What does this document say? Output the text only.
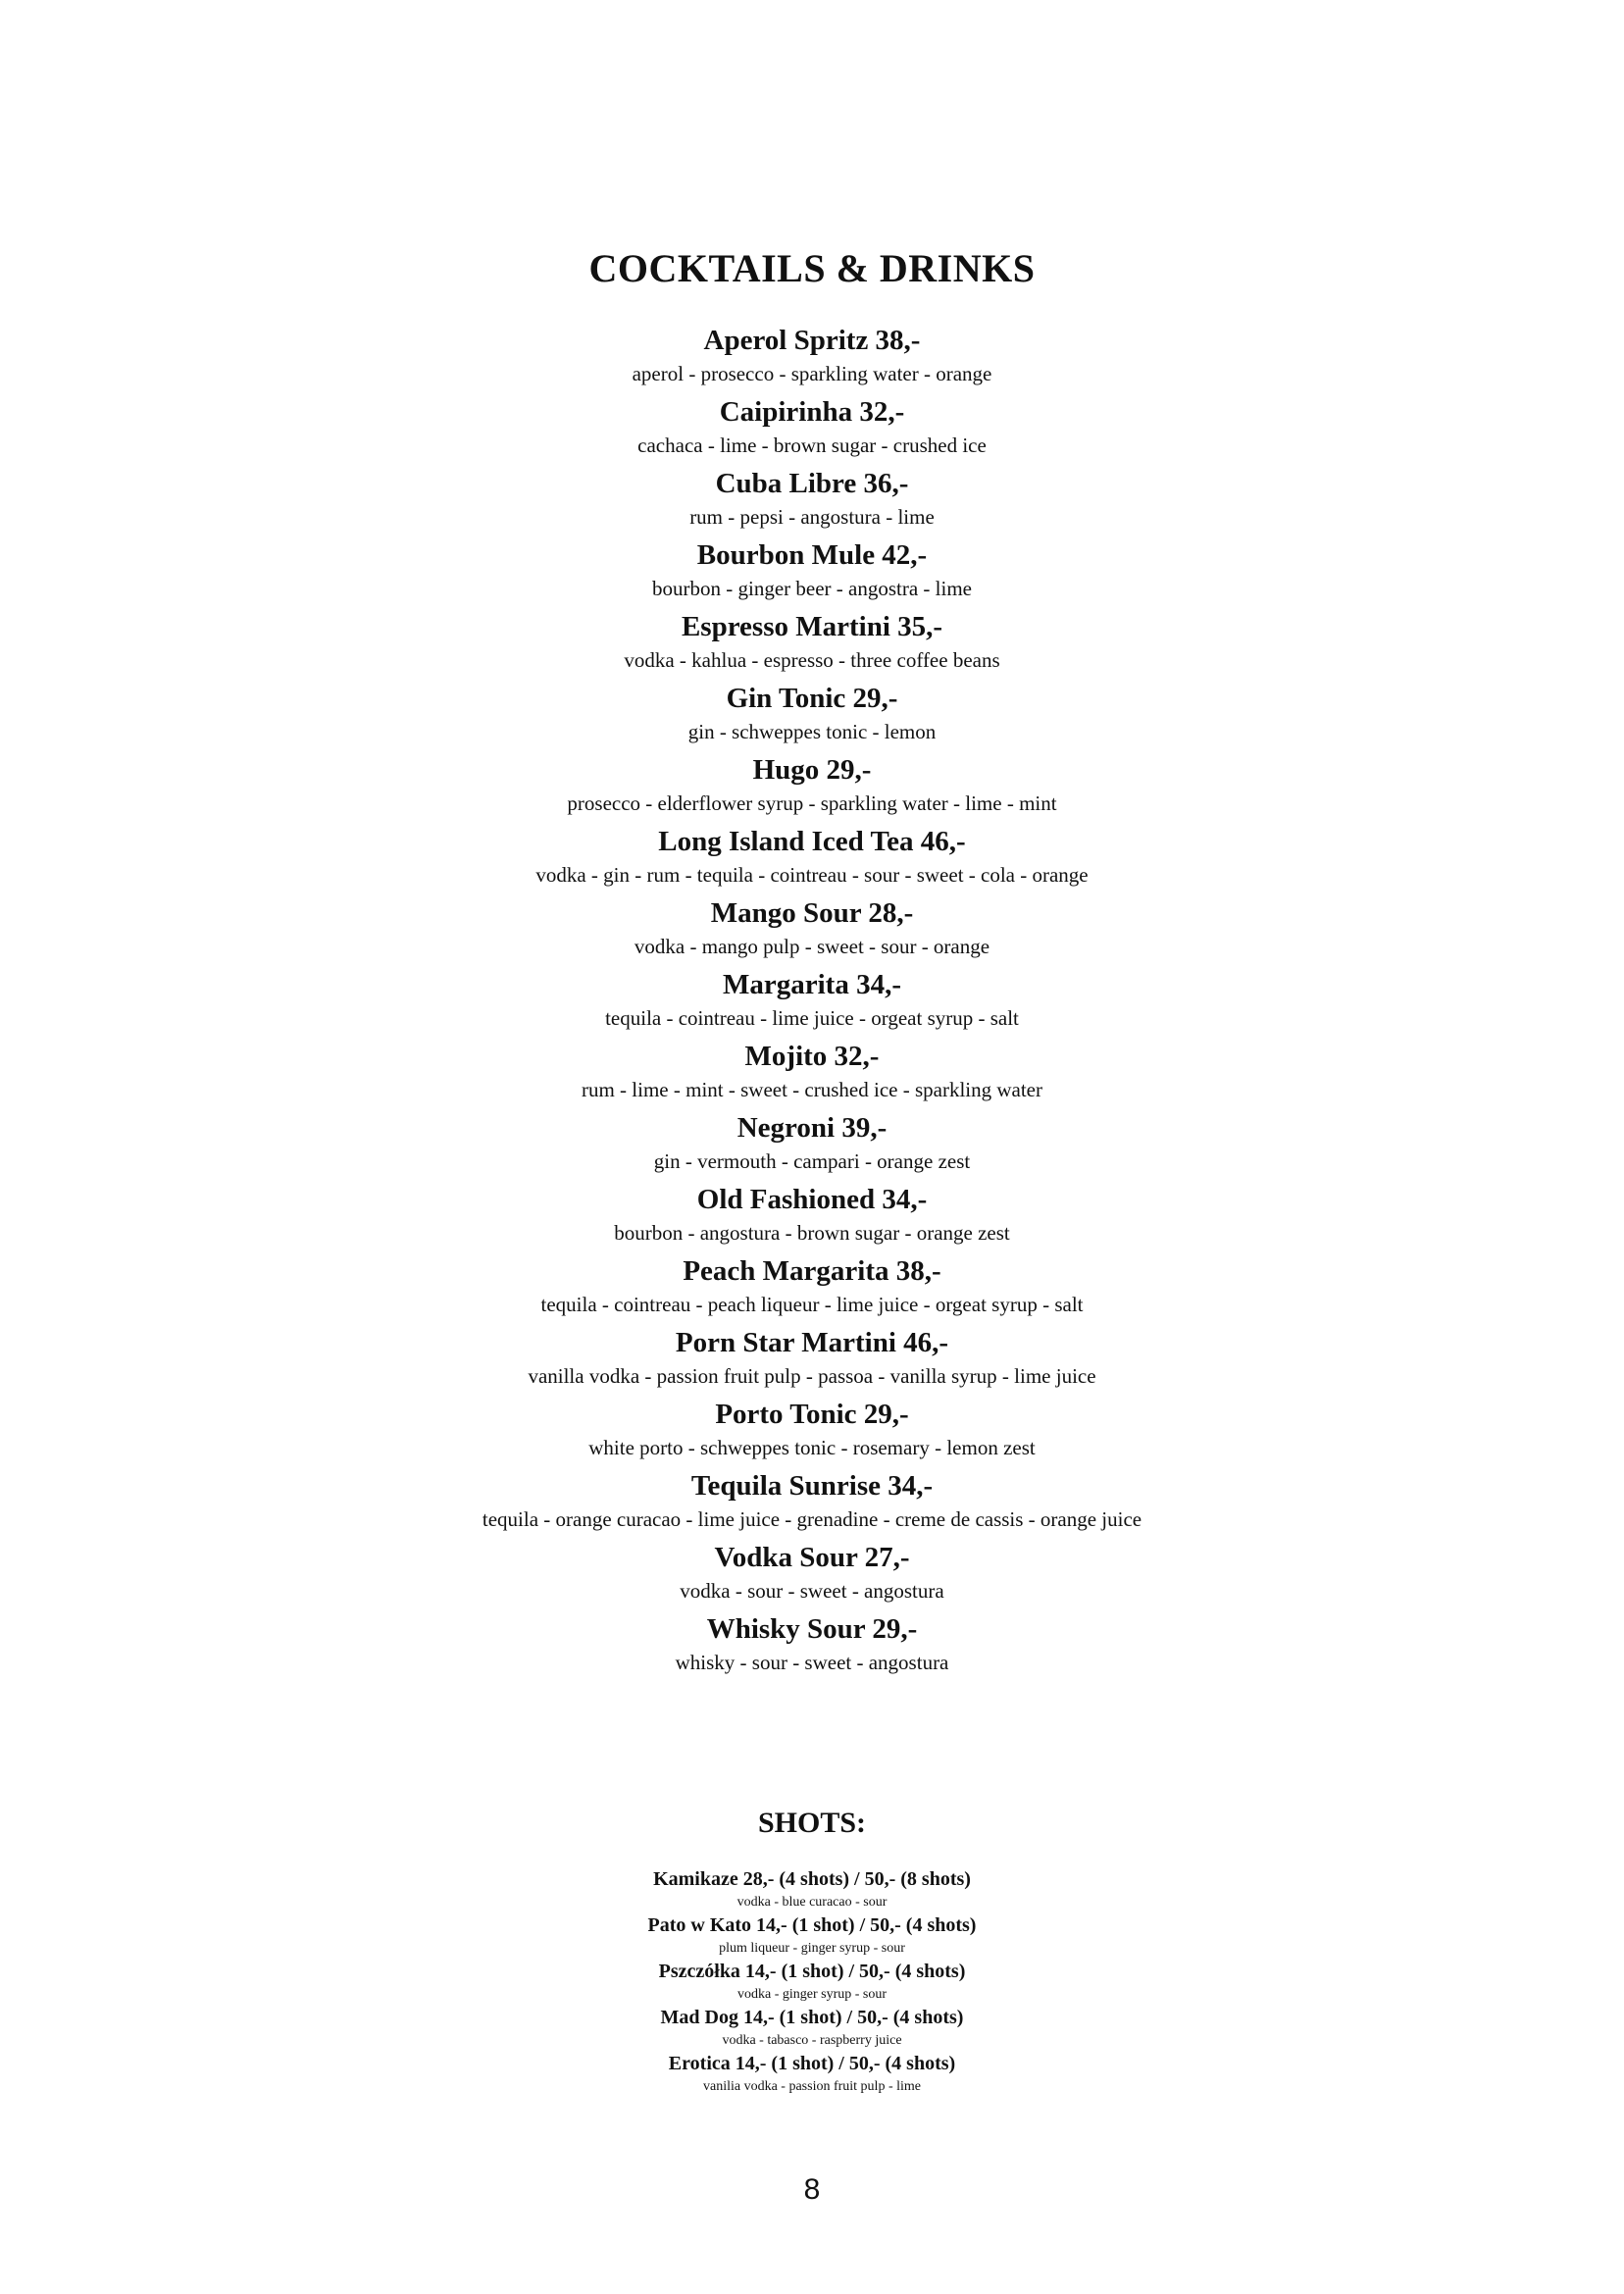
COCKTAILS & DRINKS
Aperol Spritz 38,-
aperol - prosecco - sparkling water - orange
Caipirinha 32,-
cachaca - lime - brown sugar - crushed ice
Cuba Libre 36,-
rum - pepsi - angostura - lime
Bourbon Mule 42,-
bourbon - ginger beer - angostra - lime
Espresso Martini 35,-
vodka - kahlua - espresso - three coffee beans
Gin Tonic 29,-
gin - schweppes tonic - lemon
Hugo 29,-
prosecco - elderflower syrup - sparkling water - lime - mint
Long Island Iced Tea 46,-
vodka - gin - rum - tequila - cointreau - sour - sweet - cola - orange
Mango Sour 28,-
vodka - mango pulp - sweet - sour - orange
Margarita 34,-
tequila - cointreau - lime juice - orgeat syrup - salt
Mojito 32,-
rum - lime - mint - sweet - crushed ice - sparkling water
Negroni 39,-
gin - vermouth - campari - orange zest
Old Fashioned 34,-
bourbon - angostura - brown sugar - orange zest
Peach Margarita 38,-
tequila - cointreau - peach liqueur - lime juice - orgeat syrup - salt
Porn Star Martini 46,-
vanilla vodka - passion fruit pulp - passoa - vanilla syrup - lime juice
Porto Tonic 29,-
white porto - schweppes tonic - rosemary - lemon zest
Tequila Sunrise 34,-
tequila - orange curacao - lime juice - grenadine - creme de cassis - orange juice
Vodka Sour 27,-
vodka - sour - sweet - angostura
Whisky Sour 29,-
whisky - sour - sweet - angostura
SHOTS:
Kamikaze 28,- (4 shots) / 50,- (8 shots)
vodka - blue curacao - sour
Pato w Kato 14,- (1 shot) / 50,- (4 shots)
plum liqueur - ginger syrup - sour
Pszczółka 14,- (1 shot) / 50,- (4 shots)
vodka - ginger syrup - sour
Mad Dog 14,- (1 shot) / 50,- (4 shots)
vodka - tabasco - raspberry juice
Erotica 14,- (1 shot) / 50,- (4 shots)
vanilia vodka - passion fruit pulp - lime
8
